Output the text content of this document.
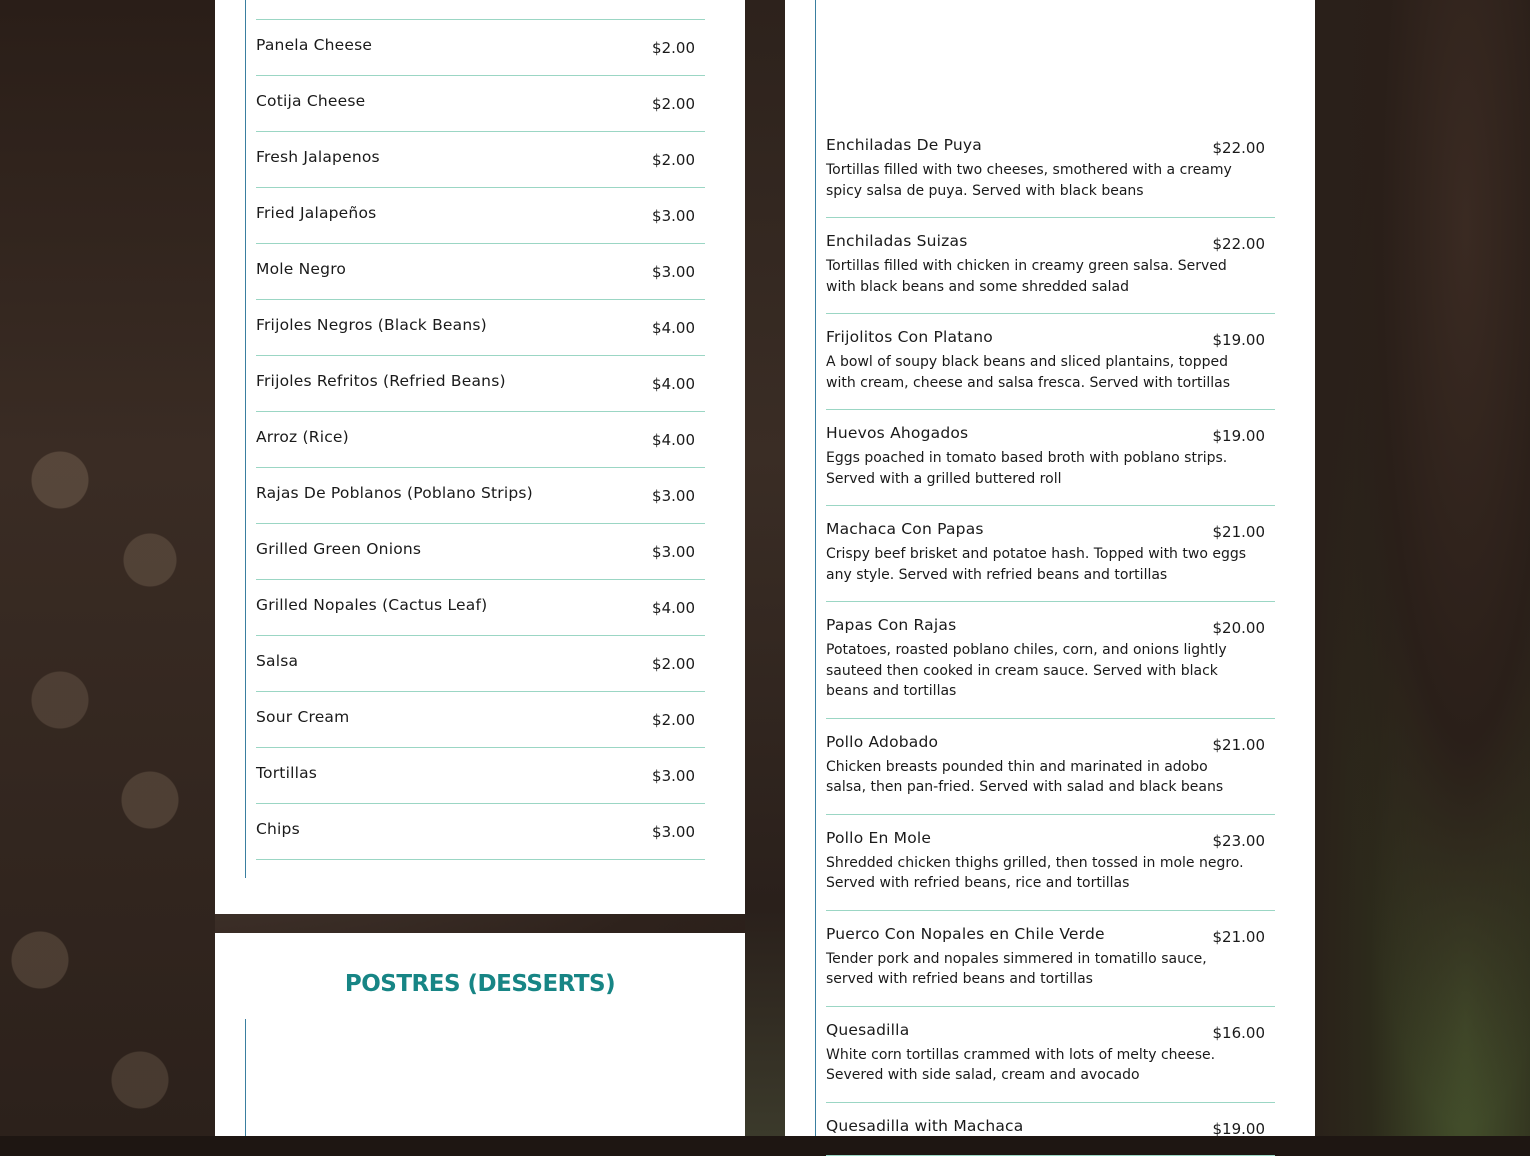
Panela Cheese	$2.00
Cotija Cheese	$2.00
Fresh Jalapenos	$2.00
Fried Jalapeños	$3.00
Mole Negro	$3.00
Frijoles Negros (Black Beans)	$4.00
Frijoles Refritos (Refried Beans)	$4.00
Arroz (Rice)	$4.00
Rajas De Poblanos (Poblano Strips)	$3.00
Grilled Green Onions	$3.00
Grilled Nopales (Cactus Leaf)	$4.00
Salsa	$2.00
Sour Cream	$2.00
Tortillas	$3.00
Chips	$3.00
POSTRES (DESSERTS)
Enchiladas De Puya	$22.00
Tortillas filled with two cheeses, smothered with a creamy spicy salsa de puya. Served with black beans
Enchiladas Suizas	$22.00
Tortillas filled with chicken in creamy green salsa. Served with black beans and some shredded salad
Frijolitos Con Platano	$19.00
A bowl of soupy black beans and sliced plantains, topped with cream, cheese and salsa fresca. Served with tortillas
Huevos Ahogados	$19.00
Eggs poached in tomato based broth with poblano strips. Served with a grilled buttered roll
Machaca Con Papas	$21.00
Crispy beef brisket and potatoe hash. Topped with two eggs any style. Served with refried beans and tortillas
Papas Con Rajas	$20.00
Potatoes, roasted poblano chiles, corn, and onions lightly sauteed then cooked in cream sauce. Served with black beans and tortillas
Pollo Adobado	$21.00
Chicken breasts pounded thin and marinated in adobo salsa, then pan-fried. Served with salad and black beans
Pollo En Mole	$23.00
Shredded chicken thighs grilled, then tossed in mole negro. Served with refried beans, rice and tortillas
Puerco Con Nopales en Chile Verde	$21.00
Tender pork and nopales simmered in tomatillo sauce, served with refried beans and tortillas
Quesadilla	$16.00
White corn tortillas crammed with lots of melty cheese. Severed with side salad, cream and avocado
Quesadilla with Machaca	$19.00
